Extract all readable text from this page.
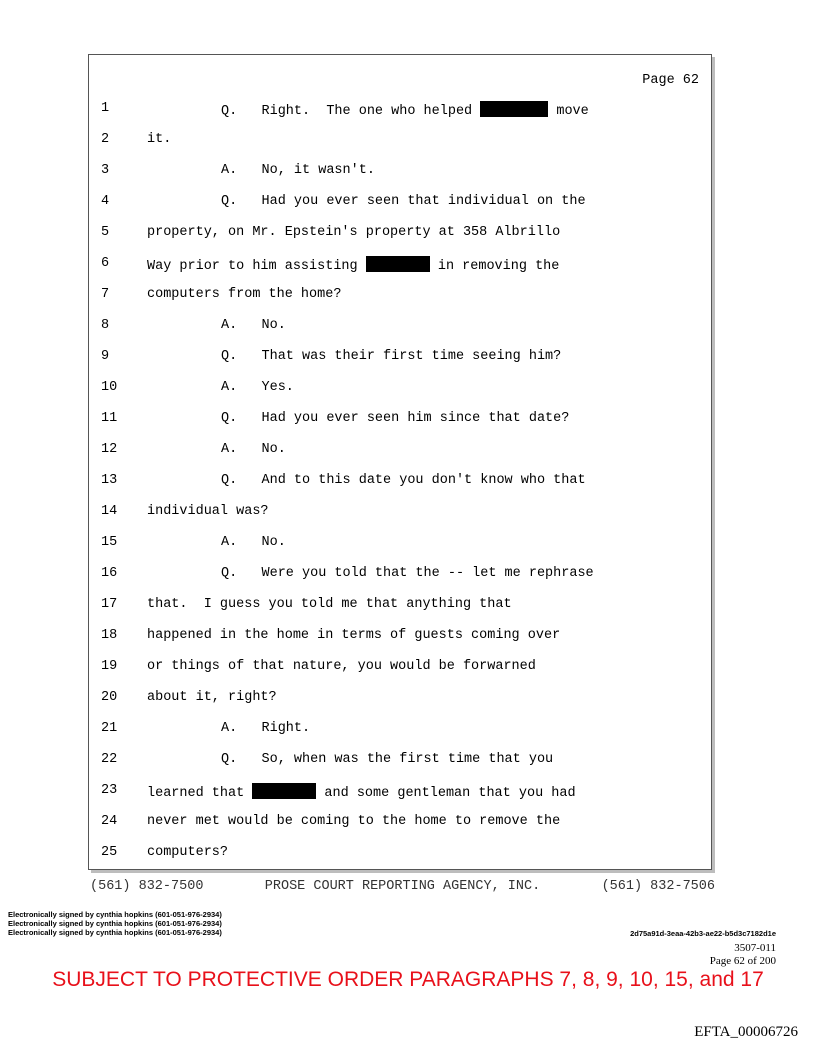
Page 62
1	Q.   Right.  The one who helped	move
2	it.
3	A.   No, it wasn't.
4	Q.   Had you ever seen that individual on the
5	property, on Mr. Epstein's property at 358 Albrillo
6	Way prior to him assisting	in removing the
7	computers from the home?
8	A.   No.
9	Q.   That was their first time seeing him?
10	A.   Yes.
11	Q.   Had you ever seen him since that date?
12	A.   No.
13	Q.   And to this date you don't know who that
14 individual was?
15	A.   No.
16	Q.   Were you told that the -- let me rephrase
17 that.  I guess you told me that anything that
18 happened in the home in terms of guests coming over
19 or things of that nature, you would be forwarned
20 about it, right?
21	A.   Right.
22	Q.   So, when was the first time that you
23 learned that	and some gentleman that you had
24 never met would be coming to the home to remove the
25 computers?
(561) 832-7500	PROSE COURT REPORTING AGENCY, INC.	(561) 832-7506
Electronically signed by cynthia hopkins (601-051-976-2934)
Electronically signed by cynthia hopkins (601-051-976-2934)
Electronically signed by cynthia hopkins (601-051-976-2934)	2d75a91d-3eaa-42b3-ae22-b5d3c7182d1e
3507-011
Page 62 of 200
SUBJECT TO PROTECTIVE ORDER PARAGRAPHS 7, 8, 9, 10, 15, and 17
EFTA_00006726
